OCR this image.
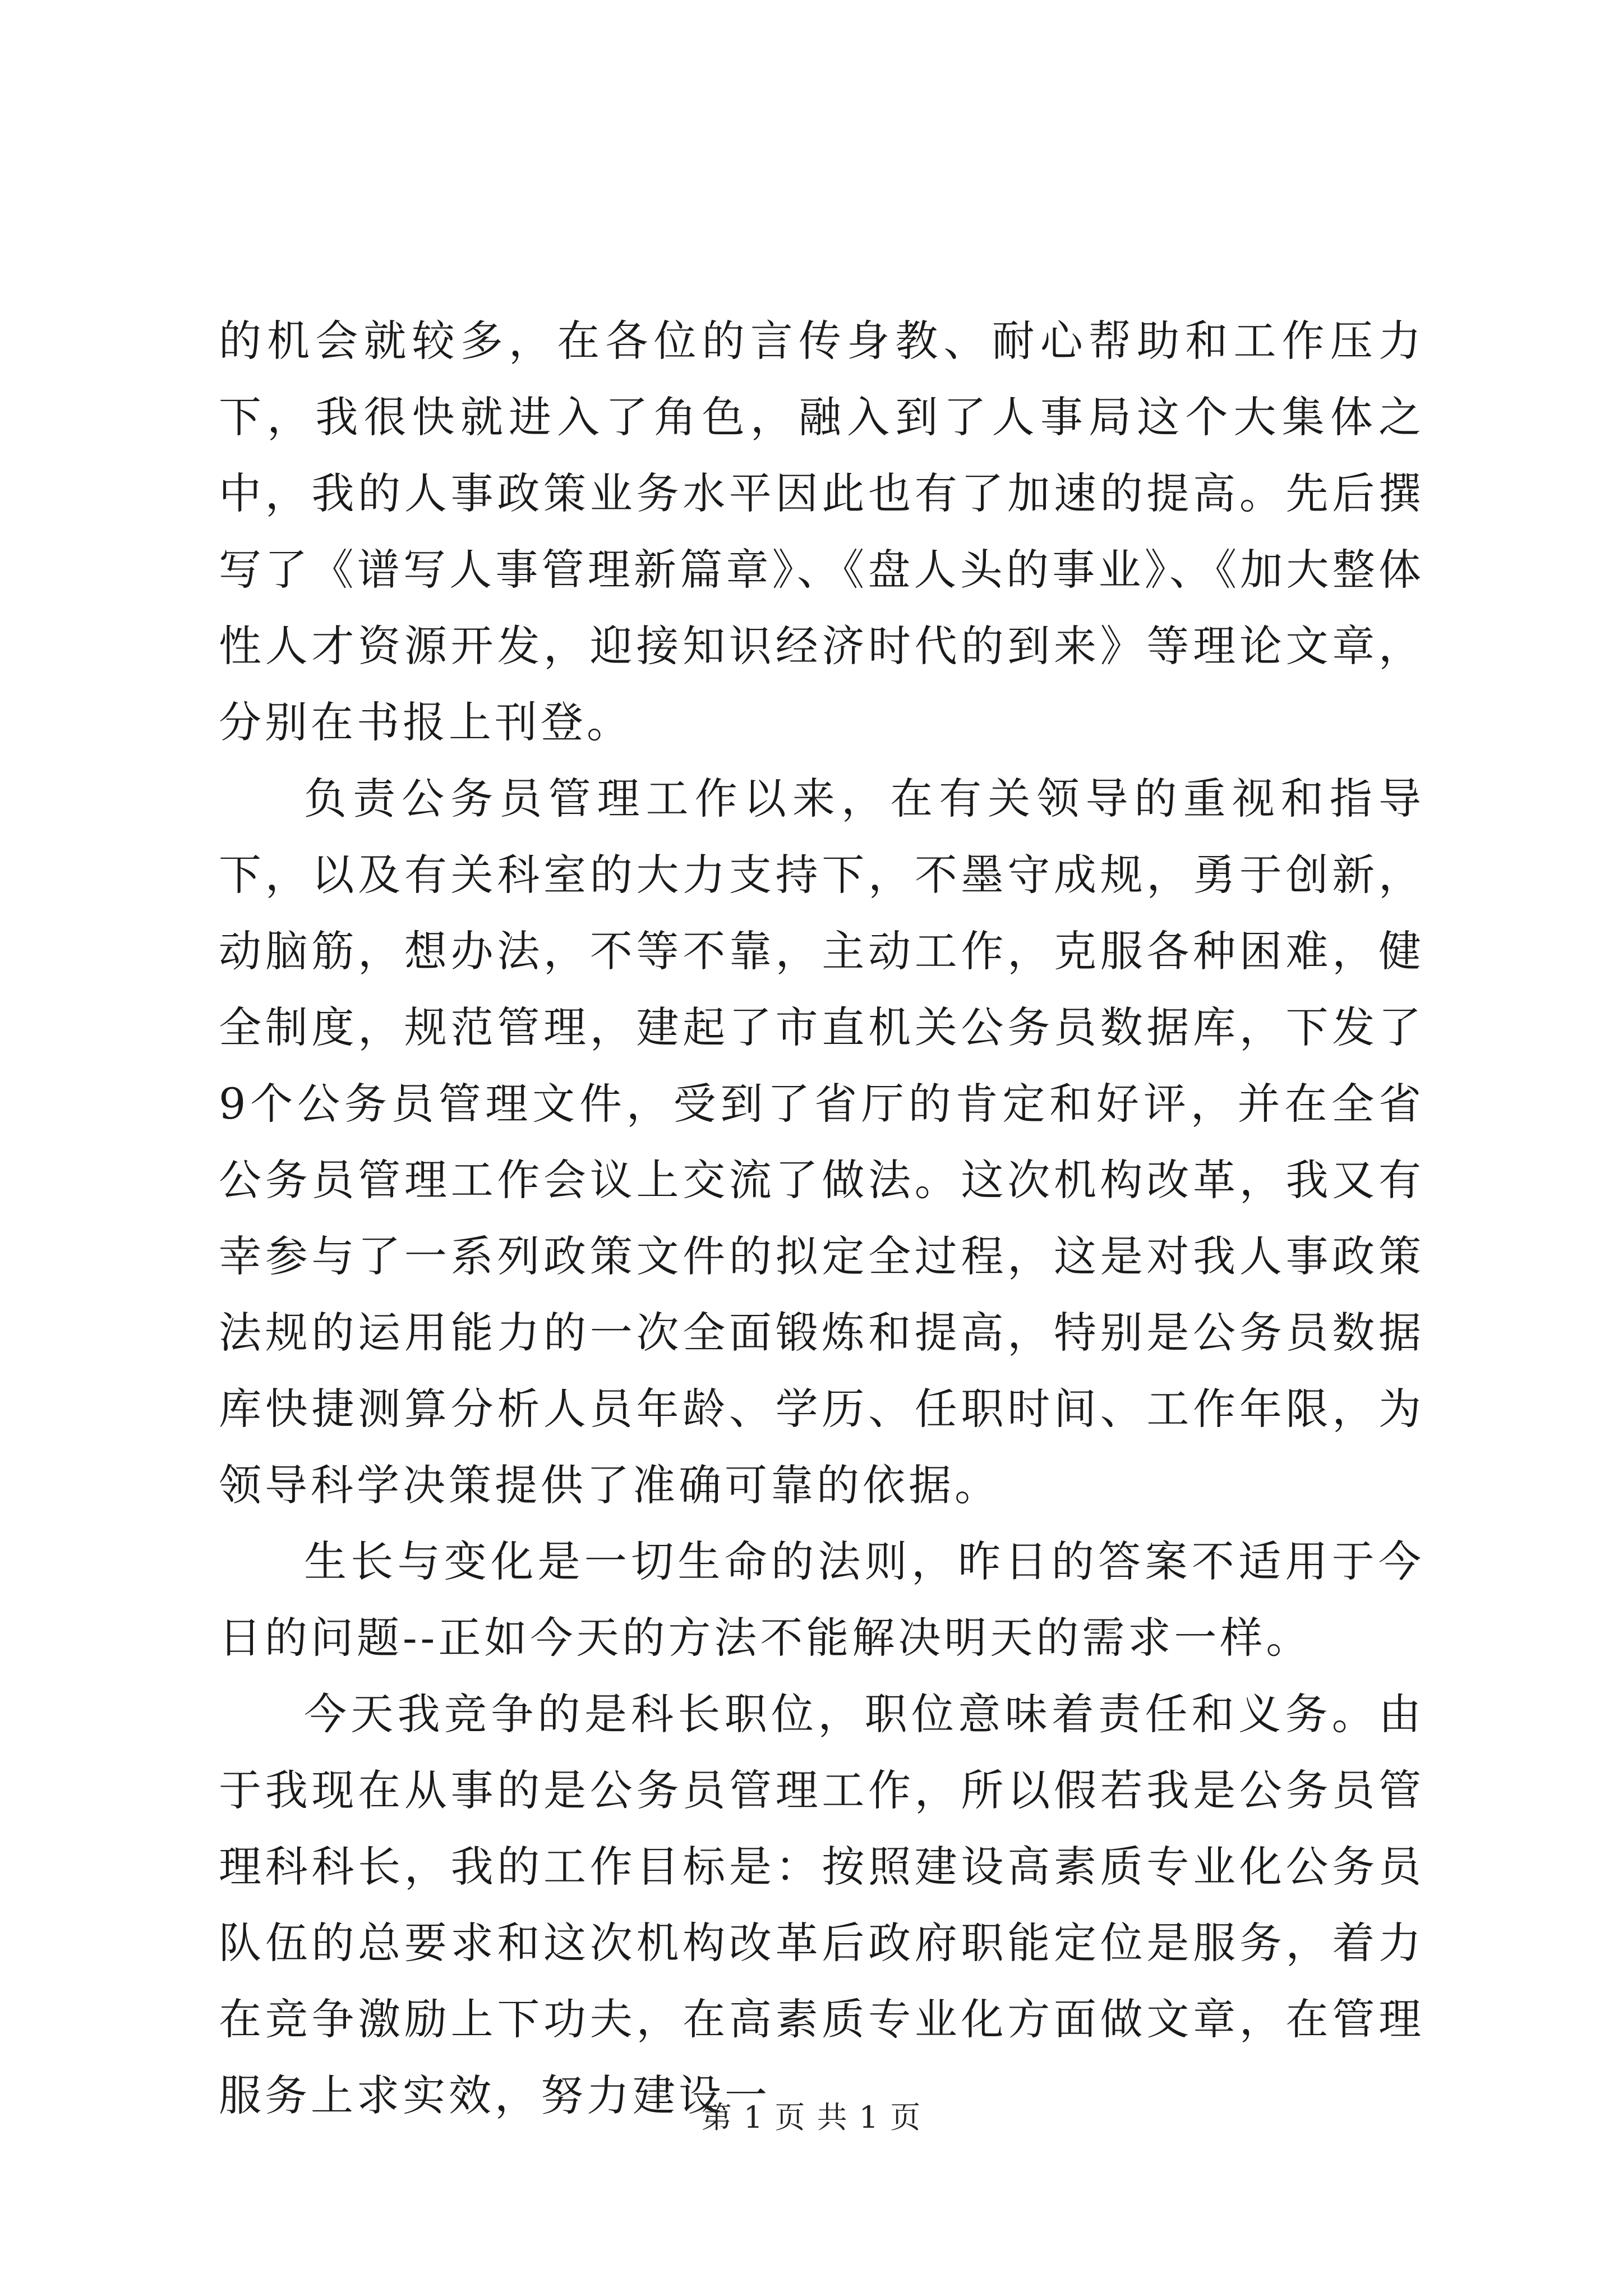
的机会就较多，在各位的言传身教、耐心帮助和工作压力下，我很快就进入了角色，融入到了人事局这个大集体之中，我的人事政策业务水平因此也有了加速的提高。先后撰写了《谱写人事管理新篇章》、《盘人头的事业》、《加大整体性人才资源开发，迎接知识经济时代的到来》等理论文章，分别在书报上刊登。

负责公务员管理工作以来，在有关领导的重视和指导下，以及有关科室的大力支持下，不墨守成规，勇于创新，动脑筋，想办法，不等不靠，主动工作，克服各种困难，健全制度，规范管理，建起了市直机关公务员数据库，下发了9个公务员管理文件，受到了省厅的肯定和好评，并在全省公务员管理工作会议上交流了做法。这次机构改革，我又有幸参与了一系列政策文件的拟定全过程，这是对我人事政策法规的运用能力的一次全面锻炼和提高，特别是公务员数据库快捷测算分析人员年龄、学历、任职时间、工作年限，为领导科学决策提供了准确可靠的依据。

生长与变化是一切生命的法则，昨日的答案不适用于今日的问题--正如今天的方法不能解决明天的需求一样。

今天我竞争的是科长职位，职位意味着责任和义务。由于我现在从事的是公务员管理工作，所以假若我是公务员管理科科长，我的工作目标是：按照建设高素质专业化公务员队伍的总要求和这次机构改革后政府职能定位是服务，着力在竞争激励上下功夫，在高素质专业化方面做文章，在管理服务上求实效，努力建设一

第 1 页 共 1 页
